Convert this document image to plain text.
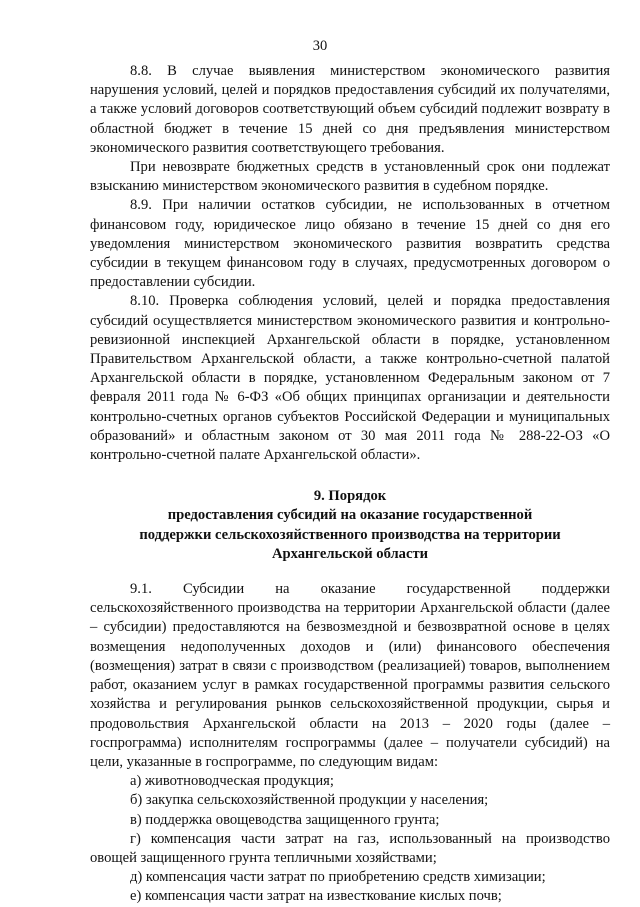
30

8.8. В случае выявления министерством экономического развития нарушения условий, целей и порядков предоставления субсидий их получателями, а также условий договоров соответствующий объем субсидий подлежит возврату в областной бюджет в течение 15 дней со дня предъявления министерством экономического развития соответствующего требования.

При невозврате бюджетных средств в установленный срок они подлежат взысканию министерством экономического развития в судебном порядке.

8.9. При наличии остатков субсидии, не использованных в отчетном финансовом году, юридическое лицо обязано в течение 15 дней со дня его уведомления министерством экономического развития возвратить средства субсидии в текущем финансовом году в случаях, предусмотренных договором о предоставлении субсидии.

8.10. Проверка соблюдения условий, целей и порядка предоставления субсидий осуществляется министерством экономического развития и контрольно-ревизионной инспекцией Архангельской области в порядке, установленном Правительством Архангельской области, а также контрольно-счетной палатой Архангельской области в порядке, установленном Федеральным законом от 7 февраля 2011 года № 6-ФЗ «Об общих принципах организации и деятельности контрольно-счетных органов субъектов Российской Федерации и муниципальных образований» и областным законом от 30 мая 2011 года № 288-22-ОЗ «О контрольно-счетной палате Архангельской области».

9. Порядок
предоставления субсидий на оказание государственной
поддержки сельскохозяйственного производства на территории
Архангельской области

9.1. Субсидии на оказание государственной поддержки сельскохозяйственного производства на территории Архангельской области (далее – субсидии) предоставляются на безвозмездной и безвозвратной основе в целях возмещения недополученных доходов и (или) финансового обеспечения (возмещения) затрат в связи с производством (реализацией) товаров, выполнением работ, оказанием услуг в рамках государственной программы развития сельского хозяйства и регулирования рынков сельскохозяйственной продукции, сырья и продовольствия Архангельской области на 2013 – 2020 годы (далее – госпрограмма) исполнителям госпрограммы (далее – получатели субсидий) на цели, указанные в госпрограмме, по следующим видам:

а) животноводческая продукция;

б) закупка сельскохозяйственной продукции у населения;

в) поддержка овощеводства защищенного грунта;

г) компенсация части затрат на газ, использованный на производство овощей защищенного грунта тепличными хозяйствами;

д) компенсация части затрат по приобретению средств химизации;

е) компенсация части затрат на известкование кислых почв;
